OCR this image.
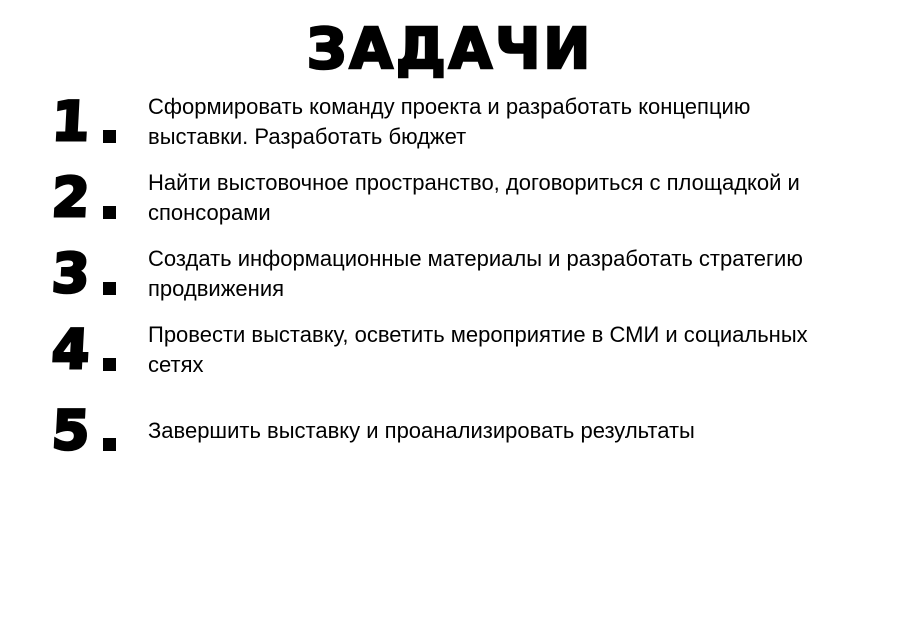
ЗАДАЧИ
1	Сформировать команду проекта и разработать концепцию выставки. Разработать бюджет
2	Найти выстовочное пространство, договориться с площадкой и спонсорами
3	Создать информационные материалы и разработать стратегию продвижения
4	Провести выставку, осветить мероприятие в СМИ и социальных сетях
5	Завершить выставку и проанализировать результаты
